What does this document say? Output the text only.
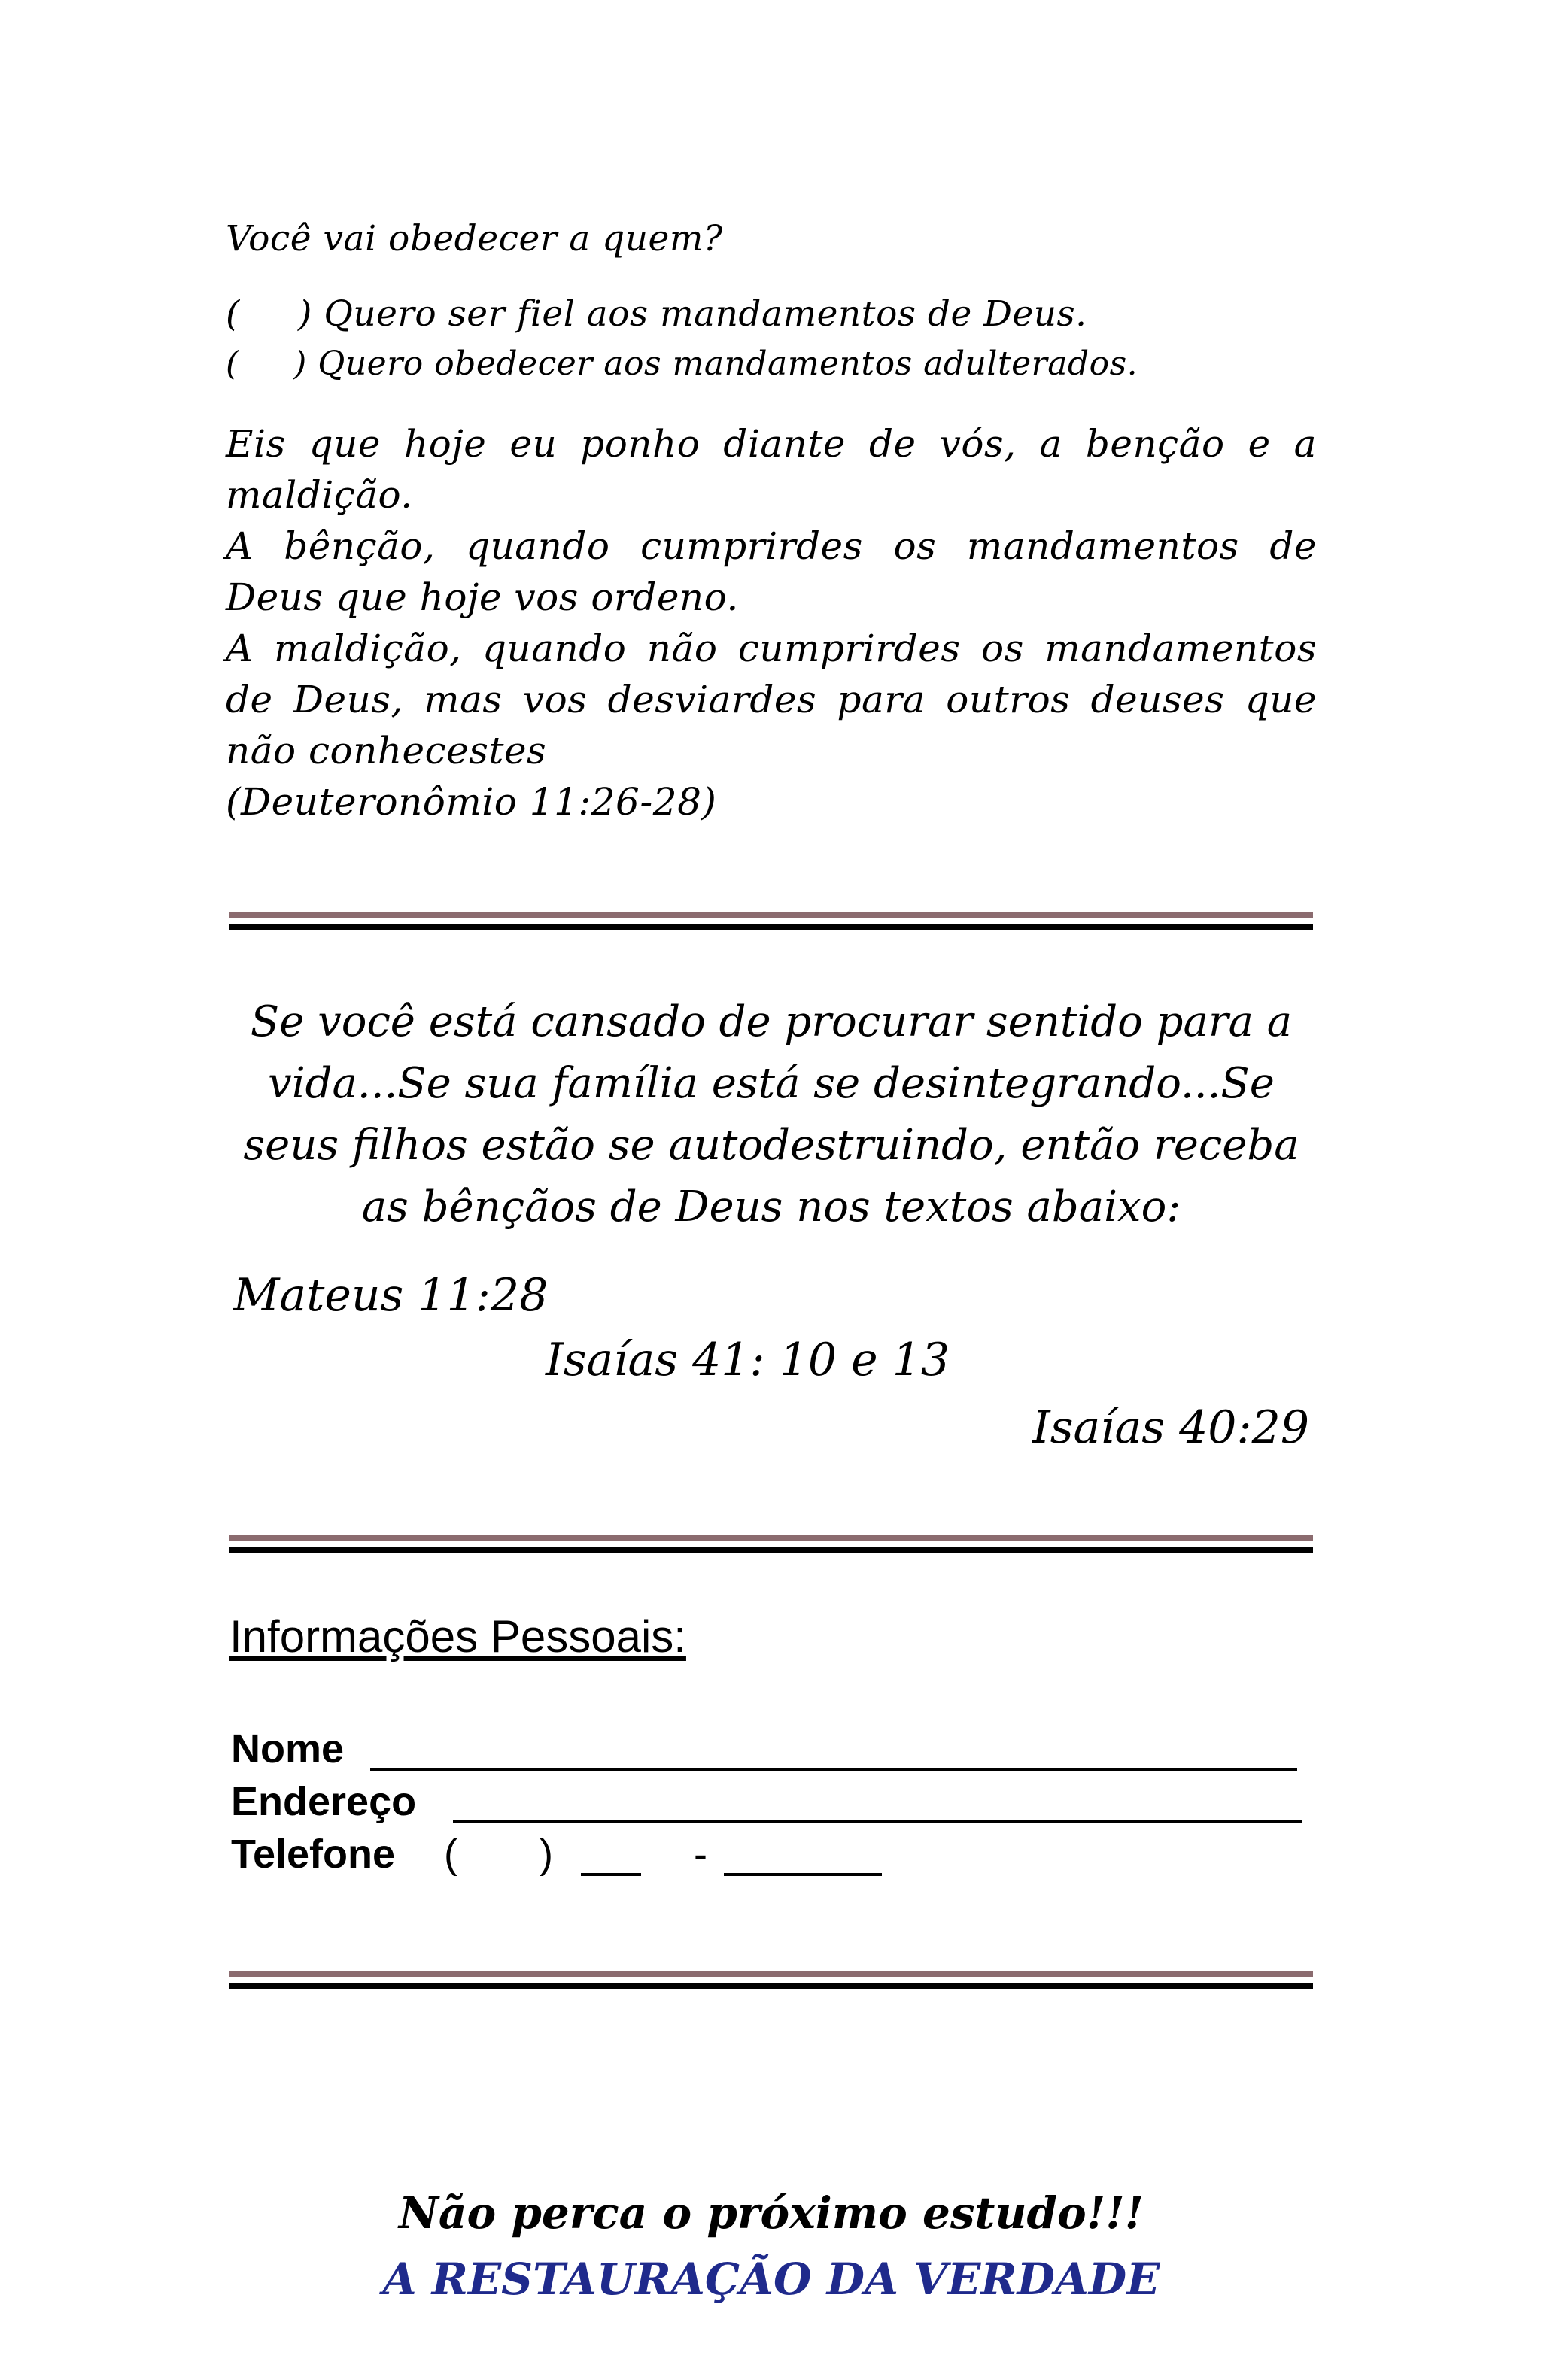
Você vai obedecer a quem?
(     ) Quero ser fiel aos mandamentos de Deus.
(     ) Quero obedecer aos mandamentos adulterados.

Eis que hoje eu ponho diante de vós, a benção e a maldição.

A bênção, quando cumprirdes os mandamentos de Deus que hoje vos ordeno.

A maldição, quando não cumprirdes os mandamentos de Deus, mas vos desviardes para outros deuses que não conhecestes

(Deuteronômio 11:26-28)

Se você está cansado de procurar sentido para a vida...Se sua família está se desintegrando...Se seus filhos estão se autodestruindo, então receba as bênçãos de Deus nos textos abaixo:
Mateus 11:28
Isaías 41: 10 e 13
Isaías 40:29
Informações Pessoais:
Nome
Endereço
Telefone ( )	-
Não perca o próximo estudo!!!
A RESTAURAÇÃO DA VERDADE
